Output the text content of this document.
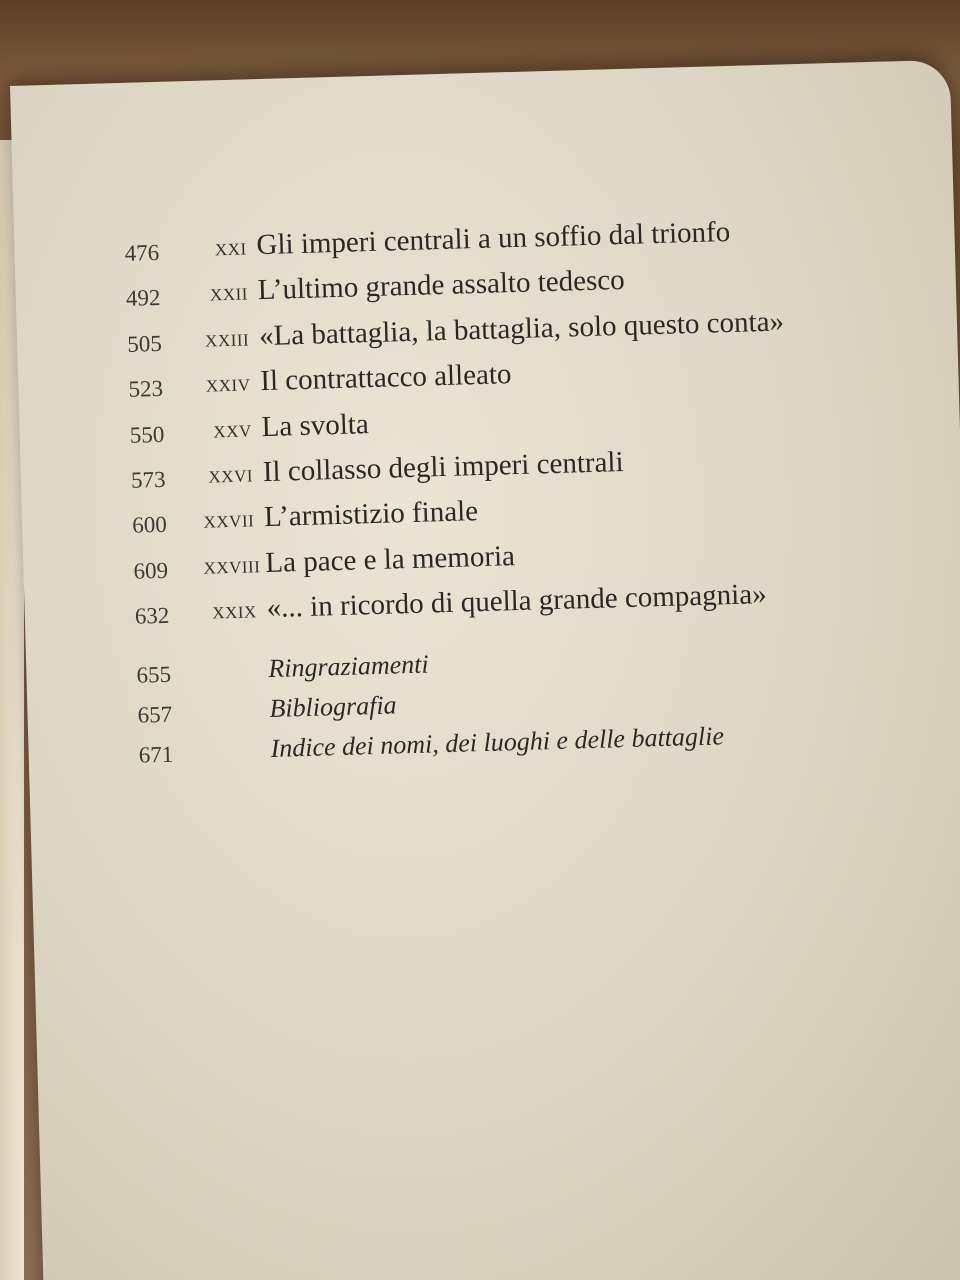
476	XXI Gli imperi centrali a un soffio dal trionfo
492	XXII L’ultimo grande assalto tedesco
505	XXIII «La battaglia, la battaglia, solo questo conta»
523	XXIV Il contrattacco alleato
550	XXV La svolta
573	XXVI Il collasso degli imperi centrali
600	XXVII L’armistizio finale
609	XXVIII La pace e la memoria
632	XXIX «... in ricordo di quella grande compagnia»
655	Ringraziamenti
657	Bibliografia
671	Indice dei nomi, dei luoghi e delle battaglie
